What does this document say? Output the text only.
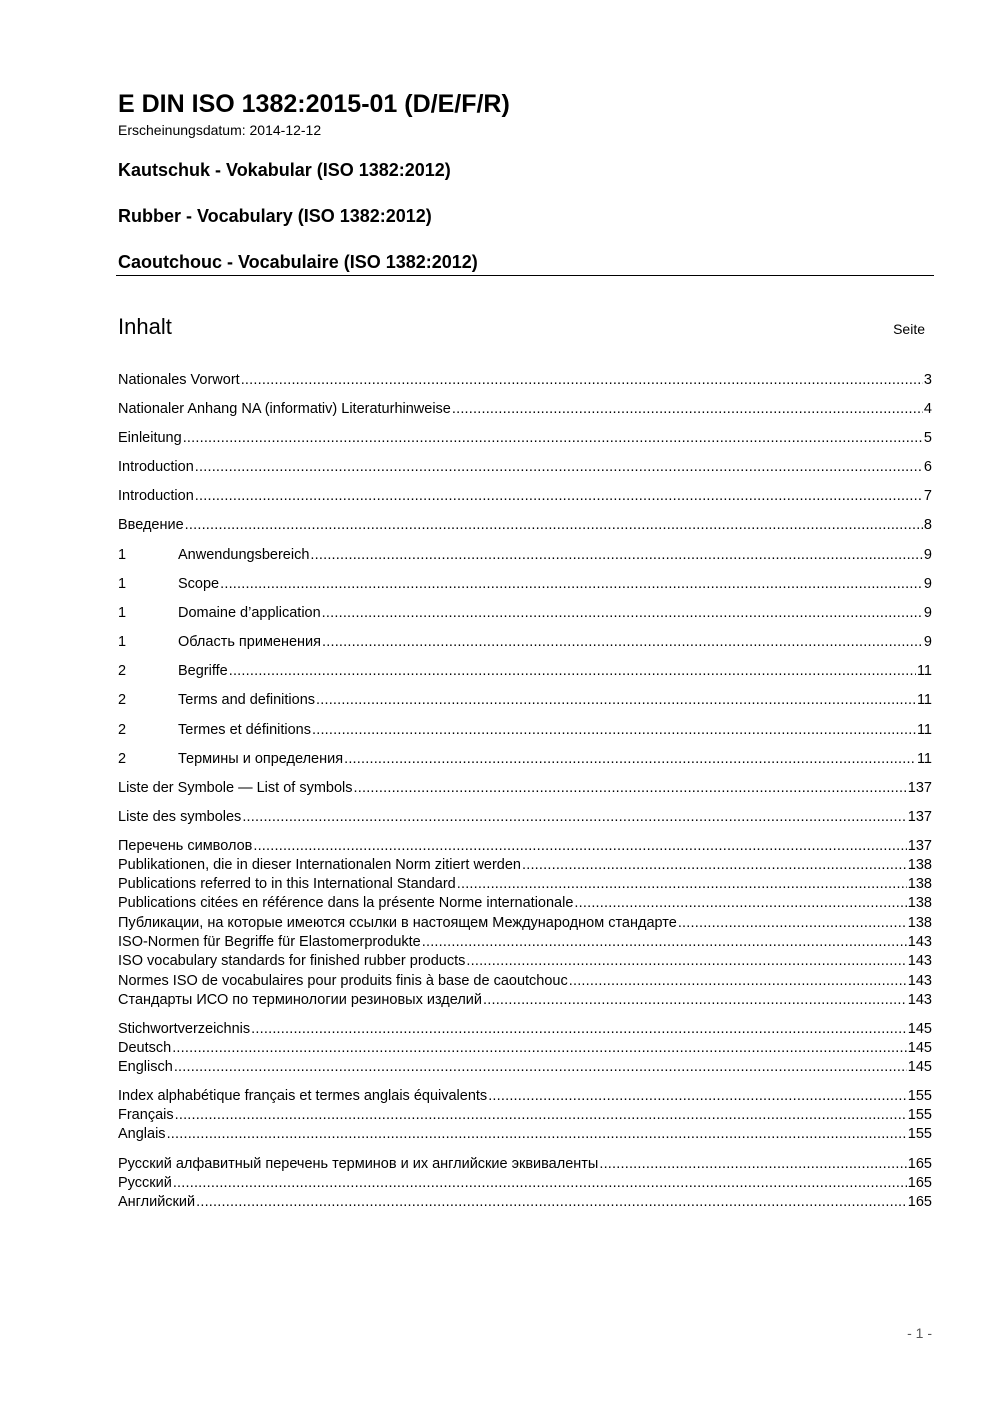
E DIN ISO 1382:2015-01 (D/E/F/R)
Erscheinungsdatum: 2014-12-12
Kautschuk - Vokabular (ISO 1382:2012)
Rubber - Vocabulary (ISO 1382:2012)
Caoutchouc - Vocabulaire (ISO 1382:2012)
Inhalt	Seite
Nationales Vorwort .....	3
Nationaler Anhang NA (informativ) Literaturhinweise .....	4
Einleitung .....	5
Introduction .....	6
Introduction .....	7
Введение .....	8
1	Anwendungsbereich .....	9
1	Scope .....	9
1	Domaine d’application .....	9
1	Область применения .....	9
2	Begriffe .....	11
2	Terms and definitions .....	11
2	Termes et définitions .....	11
2	Термины и определения .....	11
Liste der Symbole — List of symbols .....	137
Liste des symboles .....	137
Перечень символов .....	137
Publikationen, die in dieser Internationalen Norm zitiert werden .....	138
Publications referred to in this International Standard .....	138
Publications citées en référence dans la présente Norme internationale .....	138
Публикации, на которые имеются ссылки в настоящем Международном стандарте .....	138
ISO-Normen für Begriffe für Elastomerprodukte .....	143
ISO vocabulary standards for finished rubber products .....	143
Normes ISO de vocabulaires pour produits finis à base de caoutchouc .....	143
Стандарты ИСО по терминологии резиновых изделий .....	143
Stichwortverzeichnis .....	145
Deutsch .....	145
Englisch .....	145
Index alphabétique français et termes anglais équivalents .....	155
Français .....	155
Anglais .....	155
Русский алфавитный перечень терминов и их английские эквиваленты .....	165
Русский .....	165
Английский .....	165
- 1 -
